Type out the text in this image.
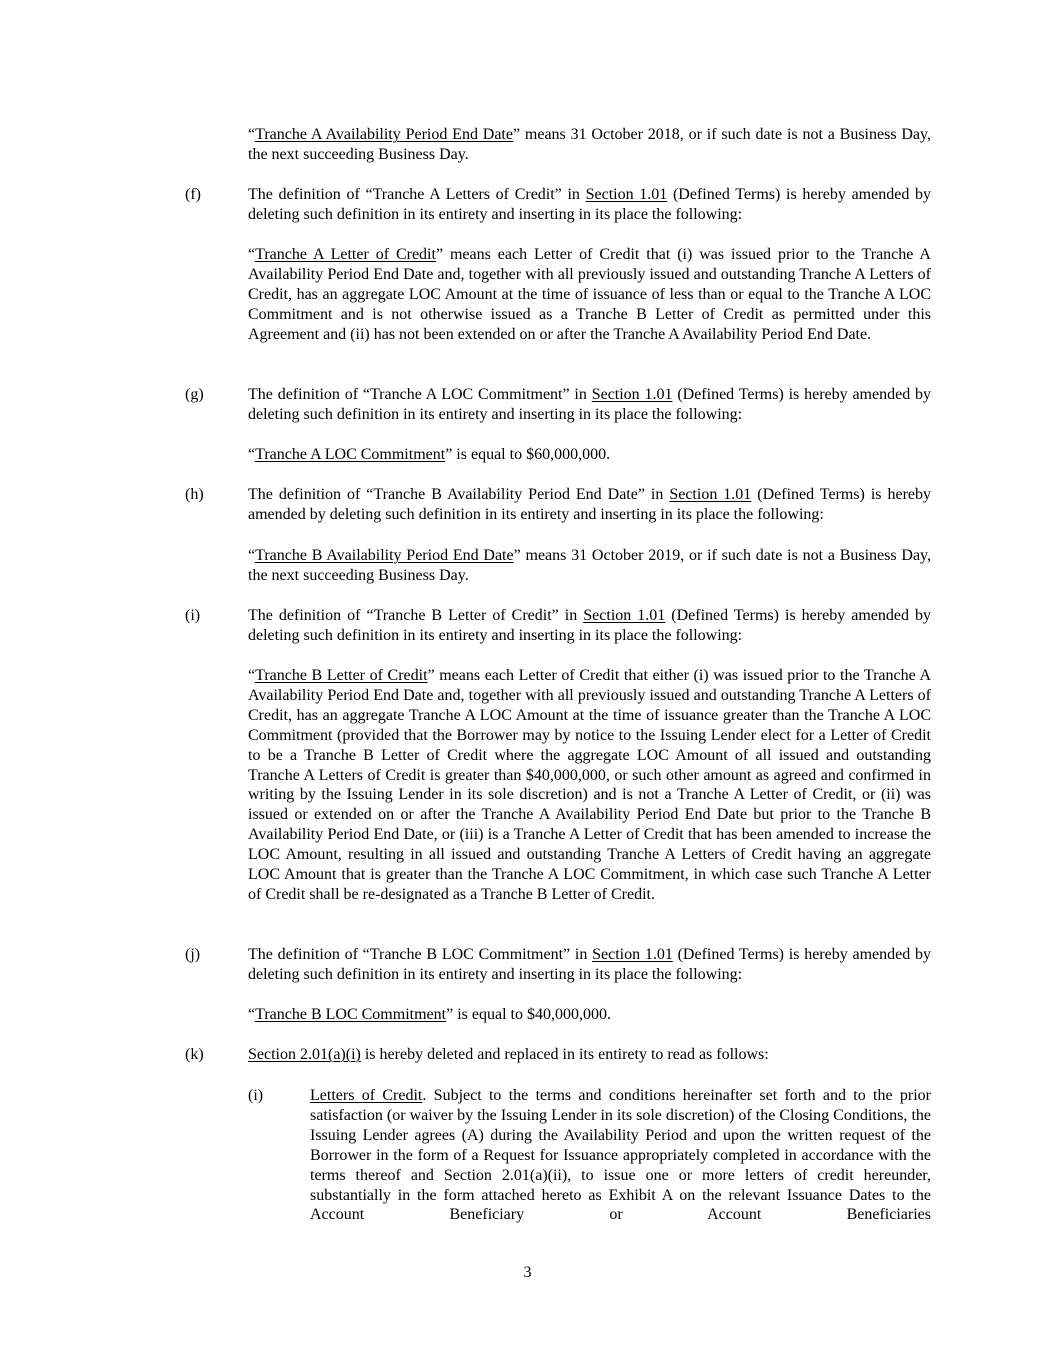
“Tranche A Availability Period End Date” means 31 October 2018, or if such date is not a Business Day, the next succeeding Business Day.
(f)	The definition of “Tranche A Letters of Credit” in Section 1.01 (Defined Terms) is hereby amended by deleting such definition in its entirety and inserting in its place the following:
“Tranche A Letter of Credit” means each Letter of Credit that (i) was issued prior to the Tranche A Availability Period End Date and, together with all previously issued and outstanding Tranche A Letters of Credit, has an aggregate LOC Amount at the time of issuance of less than or equal to the Tranche A LOC Commitment and is not otherwise issued as a Tranche B Letter of Credit as permitted under this Agreement and (ii) has not been extended on or after the Tranche A Availability Period End Date.
(g)	The definition of “Tranche A LOC Commitment” in Section 1.01 (Defined Terms) is hereby amended by deleting such definition in its entirety and inserting in its place the following:
“Tranche A LOC Commitment” is equal to $60,000,000.
(h)	The definition of “Tranche B Availability Period End Date” in Section 1.01 (Defined Terms) is hereby amended by deleting such definition in its entirety and inserting in its place the following:
“Tranche B Availability Period End Date” means 31 October 2019, or if such date is not a Business Day, the next succeeding Business Day.
(i)	The definition of “Tranche B Letter of Credit” in Section 1.01 (Defined Terms) is hereby amended by deleting such definition in its entirety and inserting in its place the following:
“Tranche B Letter of Credit” means each Letter of Credit that either (i) was issued prior to the Tranche A Availability Period End Date and, together with all previously issued and outstanding Tranche A Letters of Credit, has an aggregate Tranche A LOC Amount at the time of issuance greater than the Tranche A LOC Commitment (provided that the Borrower may by notice to the Issuing Lender elect for a Letter of Credit to be a Tranche B Letter of Credit where the aggregate LOC Amount of all issued and outstanding Tranche A Letters of Credit is greater than $40,000,000, or such other amount as agreed and confirmed in writing by the Issuing Lender in its sole discretion) and is not a Tranche A Letter of Credit, or (ii) was issued or extended on or after the Tranche A Availability Period End Date but prior to the Tranche B Availability Period End Date, or (iii) is a Tranche A Letter of Credit that has been amended to increase the LOC Amount, resulting in all issued and outstanding Tranche A Letters of Credit having an aggregate LOC Amount that is greater than the Tranche A LOC Commitment, in which case such Tranche A Letter of Credit shall be re-designated as a Tranche B Letter of Credit.
(j)	The definition of “Tranche B LOC Commitment” in Section 1.01 (Defined Terms) is hereby amended by deleting such definition in its entirety and inserting in its place the following:
“Tranche B LOC Commitment” is equal to $40,000,000.
(k)	Section 2.01(a)(i) is hereby deleted and replaced in its entirety to read as follows:
(i)	Letters of Credit. Subject to the terms and conditions hereinafter set forth and to the prior satisfaction (or waiver by the Issuing Lender in its sole discretion) of the Closing Conditions, the Issuing Lender agrees (A) during the Availability Period and upon the written request of the Borrower in the form of a Request for Issuance appropriately completed in accordance with the terms thereof and Section 2.01(a)(ii), to issue one or more letters of credit hereunder, substantially in the form attached hereto as Exhibit A on the relevant Issuance Dates to the Account Beneficiary or Account Beneficiaries
3
